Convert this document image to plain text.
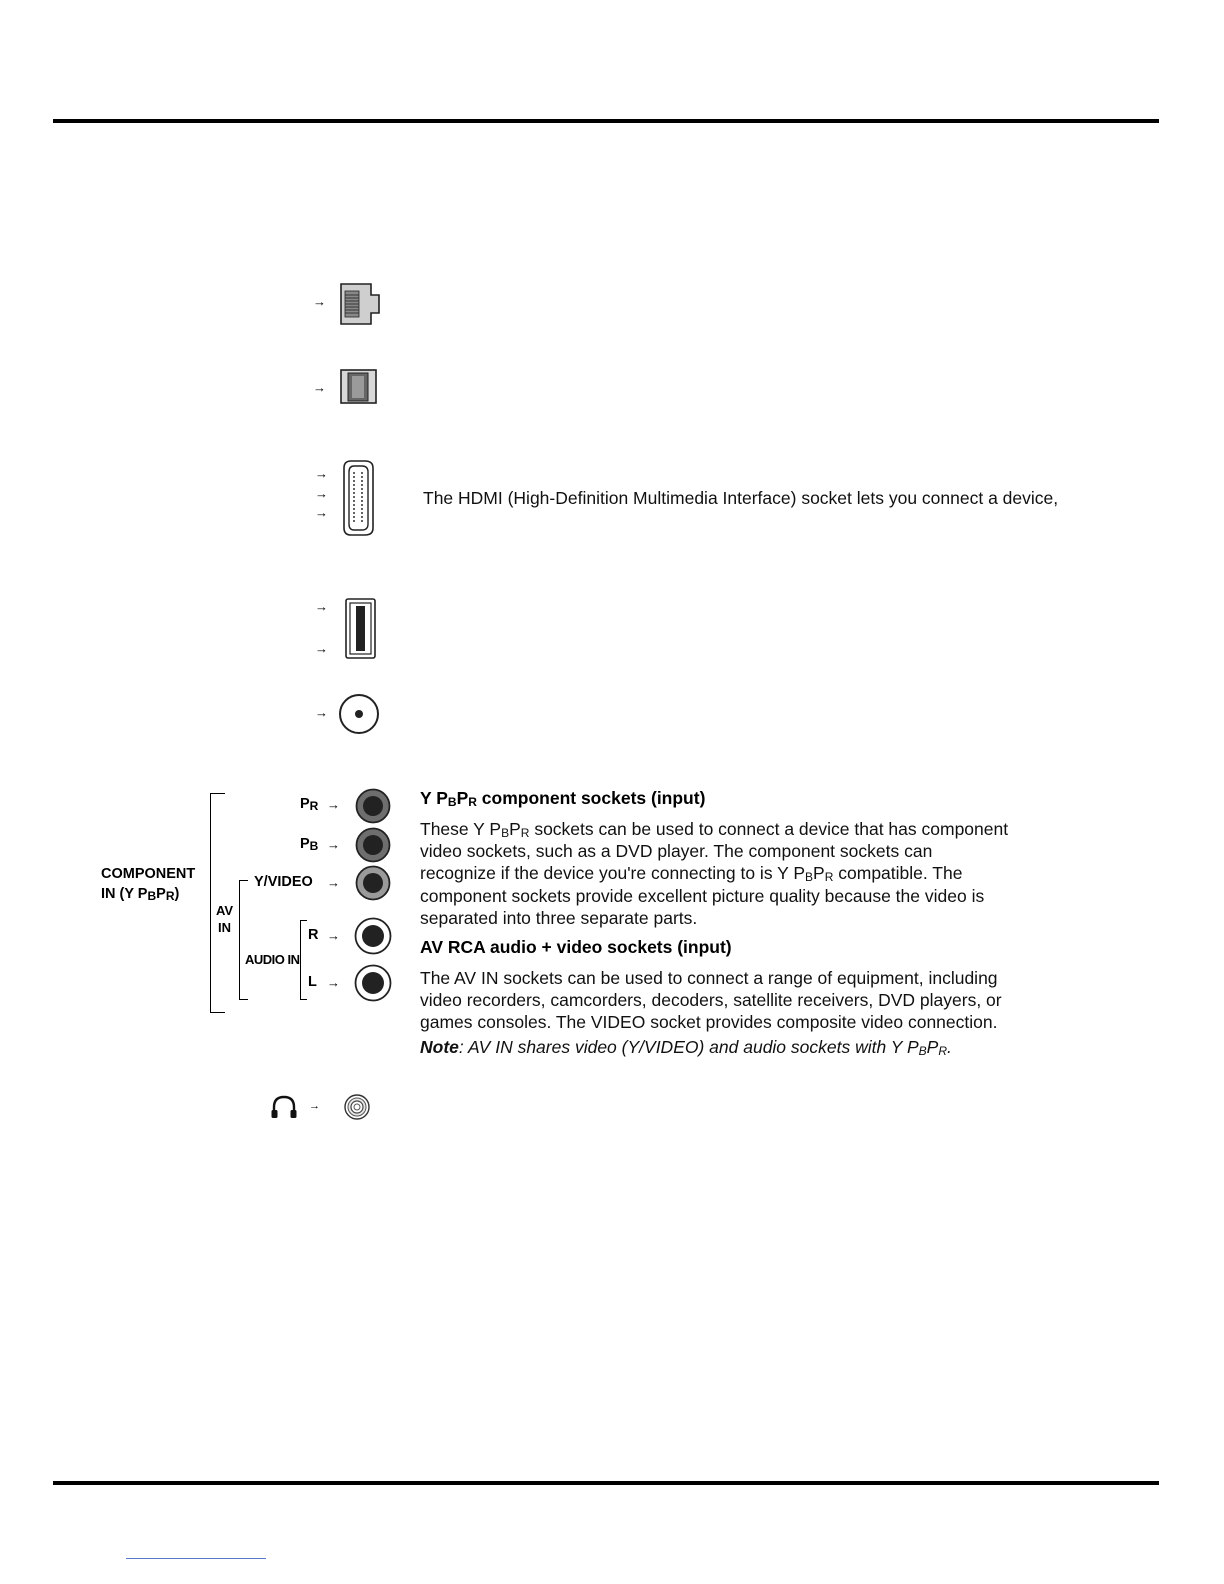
→
→
→
→
→
The HDMI (High-Definition Multimedia Interface) socket lets you connect a device,
→
→
→
COMPONENT
IN (Y PBPR)
AV
IN
AUDIO IN
PR →
PB →
Y/VIDEO →
R →
L →
Y PBPR component sockets (input)
These Y PBPR sockets can be used to connect a device that has component
video sockets, such as a DVD player. The component sockets can
recognize if the device you're connecting to is Y PBPR compatible. The
component sockets provide excellent picture quality because the video is
separated into three separate parts.
AV RCA audio + video sockets (input)
The AV IN sockets can be used to connect a range of equipment, including
video recorders, camcorders, decoders, satellite receivers, DVD players, or
games consoles. The VIDEO socket provides composite video connection.
Note: AV IN shares video (Y/VIDEO) and audio sockets with Y PBPR.
→
